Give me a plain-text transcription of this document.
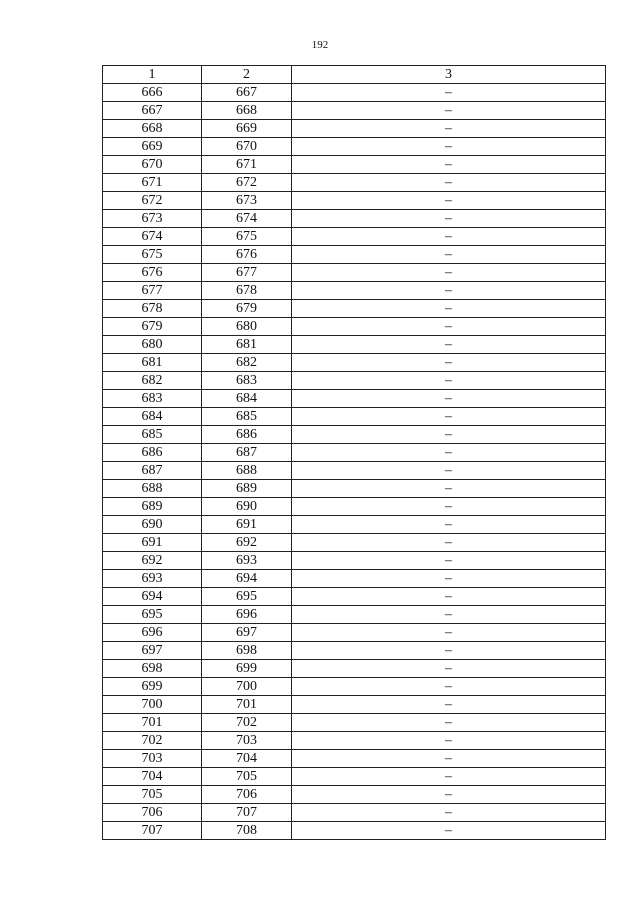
192
1	2	3
666	667	–
667	668	–
668	669	–
669	670	–
670	671	–
671	672	–
672	673	–
673	674	–
674	675	–
675	676	–
676	677	–
677	678	–
678	679	–
679	680	–
680	681	–
681	682	–
682	683	–
683	684	–
684	685	–
685	686	–
686	687	–
687	688	–
688	689	–
689	690	–
690	691	–
691	692	–
692	693	–
693	694	–
694	695	–
695	696	–
696	697	–
697	698	–
698	699	–
699	700	–
700	701	–
701	702	–
702	703	–
703	704	–
704	705	–
705	706	–
706	707	–
707	708	–
